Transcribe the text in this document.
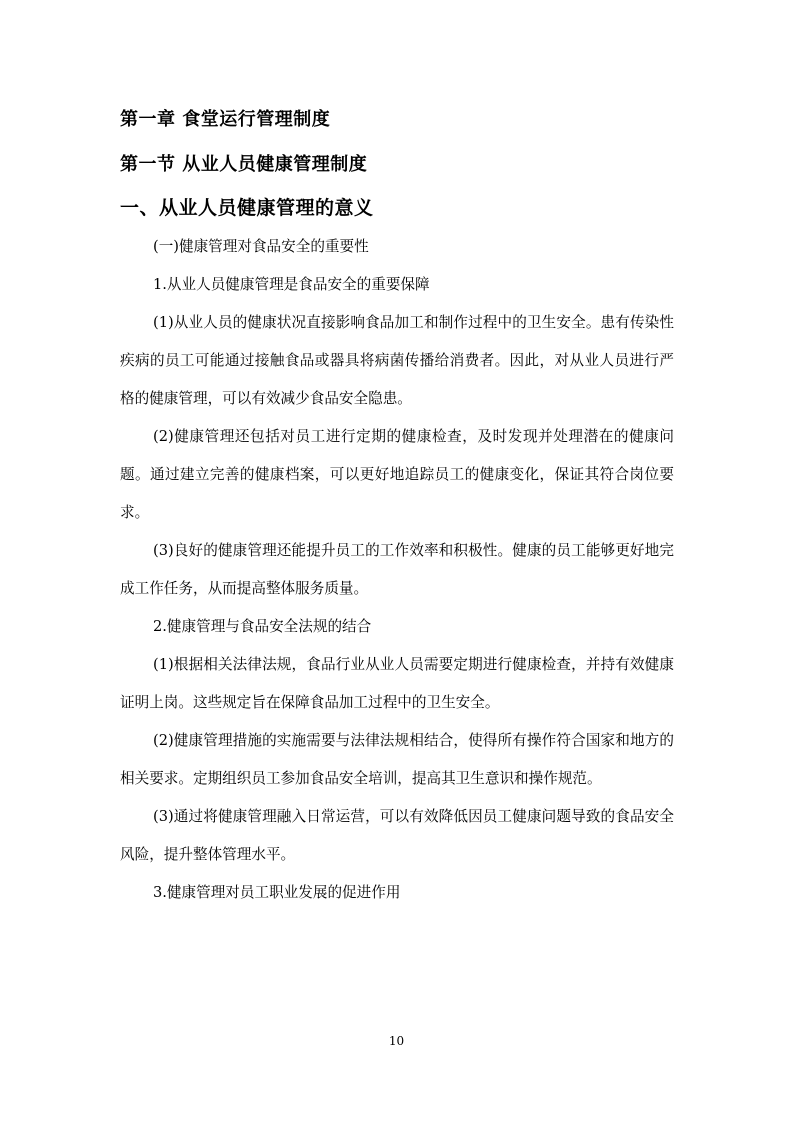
第一章 食堂运行管理制度
第一节 从业人员健康管理制度
一、从业人员健康管理的意义

(一)健康管理对食品安全的重要性

1.从业人员健康管理是食品安全的重要保障

(1)从业人员的健康状况直接影响食品加工和制作过程中的卫生安全。患有传染性疾病的员工可能通过接触食品或器具将病菌传播给消费者。因此，对从业人员进行严格的健康管理，可以有效减少食品安全隐患。

(2)健康管理还包括对员工进行定期的健康检查，及时发现并处理潜在的健康问题。通过建立完善的健康档案，可以更好地追踪员工的健康变化，保证其符合岗位要求。

(3)良好的健康管理还能提升员工的工作效率和积极性。健康的员工能够更好地完成工作任务，从而提高整体服务质量。

2.健康管理与食品安全法规的结合

(1)根据相关法律法规，食品行业从业人员需要定期进行健康检查，并持有效健康证明上岗。这些规定旨在保障食品加工过程中的卫生安全。

(2)健康管理措施的实施需要与法律法规相结合，使得所有操作符合国家和地方的相关要求。定期组织员工参加食品安全培训，提高其卫生意识和操作规范。

(3)通过将健康管理融入日常运营，可以有效降低因员工健康问题导致的食品安全风险，提升整体管理水平。

3.健康管理对员工职业发展的促进作用

10
